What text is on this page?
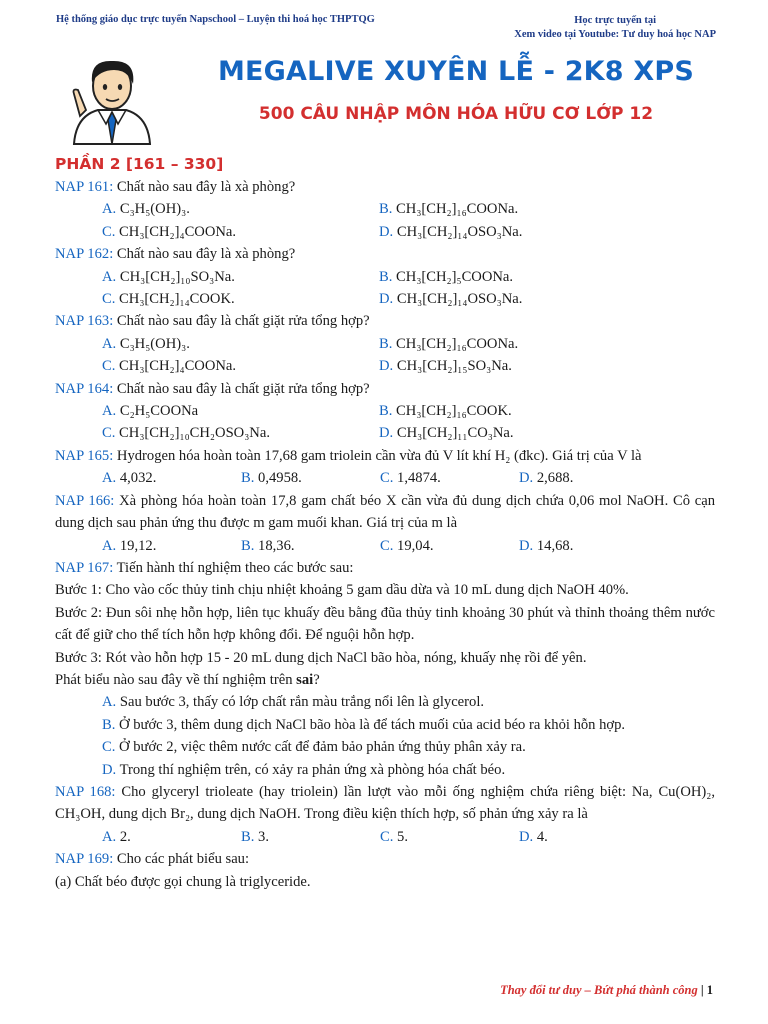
Hệ thống giáo dục trực tuyến Napschool – Luyện thi hoá học THPTQG	Học trực tuyến tại
Xem video tại Youtube: Tư duy hoá học NAP
MEGALIVE XUYÊN LỄ - 2K8 XPS
500 CÂU NHẬP MÔN HÓA HỮU CƠ LỚP 12
PHẦN 2 [161 – 330]
NAP 161: Chất nào sau đây là xà phòng?
A. C₃H₅(OH)₃.	B. CH₃[CH₂]₁₆COONa.
C. CH₃[CH₂]₄COONa.	D. CH₃[CH₂]₁₄OSO₃Na.
NAP 162: Chất nào sau đây là xà phòng?
A. CH₃[CH₂]₁₀SO₃Na.	B. CH₃[CH₂]₅COONa.
C. CH₃[CH₂]₁₄COOK.	D. CH₃[CH₂]₁₄OSO₃Na.
NAP 163: Chất nào sau đây là chất giặt rửa tổng hợp?
A. C₃H₅(OH)₃.	B. CH₃[CH₂]₁₆COONa.
C. CH₃[CH₂]₄COONa.	D. CH₃[CH₂]₁₅SO₃Na.
NAP 164: Chất nào sau đây là chất giặt rửa tổng hợp?
A. C₂H₅COONa	B. CH₃[CH₂]₁₆COOK.
C. CH₃[CH₂]₁₀CH₂OSO₃Na.	D. CH₃[CH₂]₁₁CO₃Na.
NAP 165: Hydrogen hóa hoàn toàn 17,68 gam triolein cần vừa đủ V lít khí H₂ (đkc). Giá trị của V là
A. 4,032.	B. 0,4958.	C. 1,4874.	D. 2,688.
NAP 166: Xà phòng hóa hoàn toàn 17,8 gam chất béo X cần vừa đủ dung dịch chứa 0,06 mol NaOH. Cô cạn dung dịch sau phản ứng thu được m gam muối khan. Giá trị của m là
A. 19,12.	B. 18,36.	C. 19,04.	D. 14,68.
NAP 167: Tiến hành thí nghiệm theo các bước sau:
Bước 1: Cho vào cốc thủy tinh chịu nhiệt khoảng 5 gam dầu dừa và 10 mL dung dịch NaOH 40%.
Bước 2: Đun sôi nhẹ hỗn hợp, liên tục khuấy đều bằng đũa thủy tinh khoảng 30 phút và thỉnh thoảng thêm nước cất để giữ cho thể tích hỗn hợp không đổi. Để nguội hỗn hợp.
Bước 3: Rót vào hỗn hợp 15 - 20 mL dung dịch NaCl bão hòa, nóng, khuấy nhẹ rồi để yên.
Phát biểu nào sau đây về thí nghiệm trên sai?
A. Sau bước 3, thấy có lớp chất rắn màu trắng nổi lên là glycerol.
B. Ở bước 3, thêm dung dịch NaCl bão hòa là để tách muối của acid béo ra khỏi hỗn hợp.
C. Ở bước 2, việc thêm nước cất để đảm bảo phản ứng thủy phân xảy ra.
D. Trong thí nghiệm trên, có xảy ra phản ứng xà phòng hóa chất béo.
NAP 168: Cho glyceryl trioleate (hay triolein) lần lượt vào mỗi ống nghiệm chứa riêng biệt: Na, Cu(OH)₂, CH₃OH, dung dịch Br₂, dung dịch NaOH. Trong điều kiện thích hợp, số phản ứng xảy ra là
A. 2.	B. 3.	C. 5.	D. 4.
NAP 169: Cho các phát biểu sau:
(a) Chất béo được gọi chung là triglyceride.
Thay đổi tư duy – Bứt phá thành công | 1
